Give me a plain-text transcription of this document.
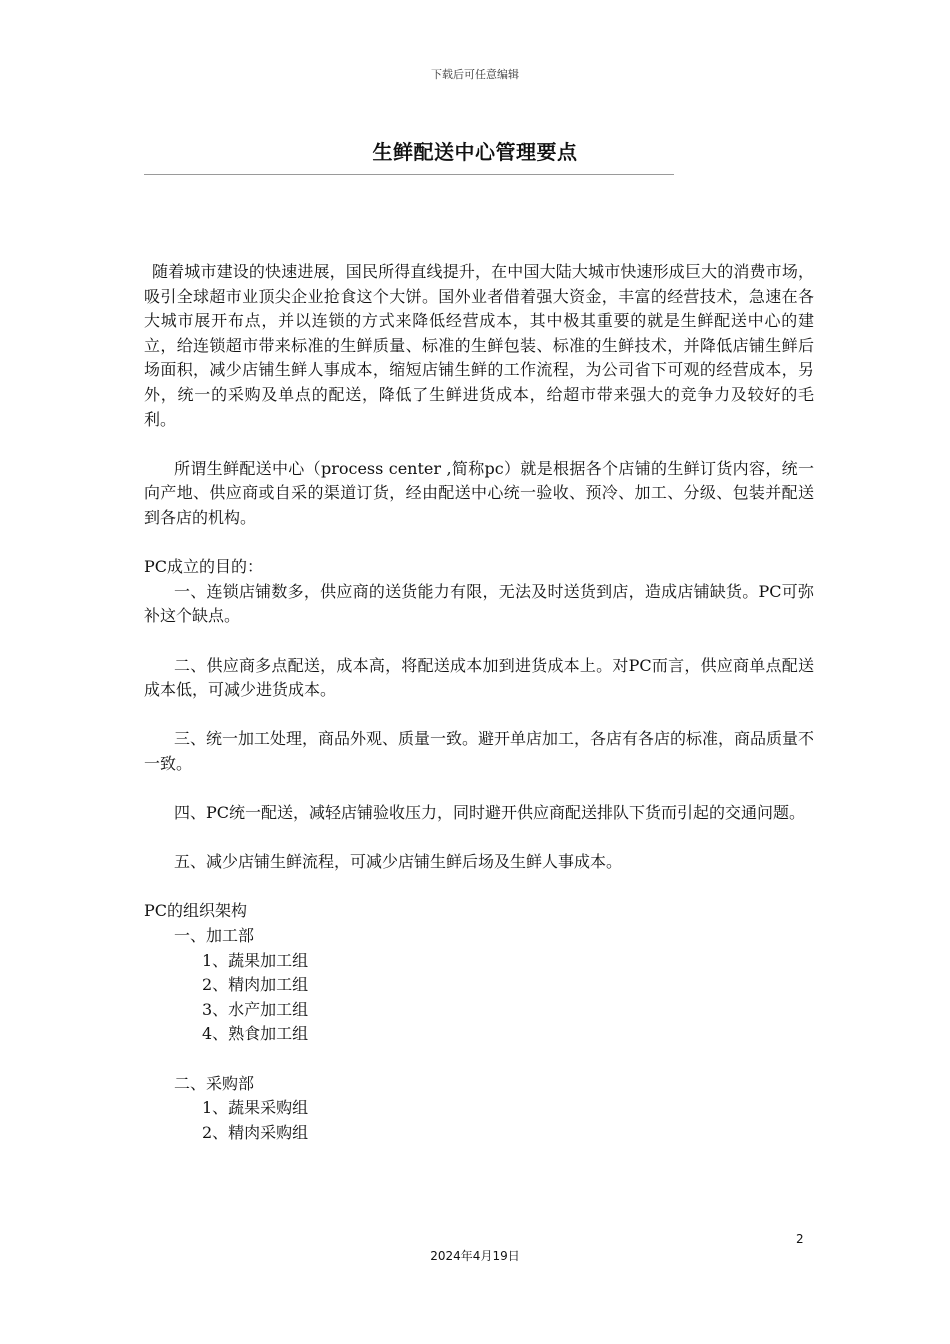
下载后可任意编辑
生鲜配送中心管理要点

随着城市建设的快速进展，国民所得直线提升，在中国大陆大城市快速形成巨大的消费市场，吸引全球超市业顶尖企业抢食这个大饼。国外业者借着强大资金，丰富的经营技术，急速在各大城市展开布点，并以连锁的方式来降低经营成本，其中极其重要的就是生鲜配送中心的建立，给连锁超市带来标准的生鲜质量、标准的生鲜包装、标准的生鲜技术，并降低店铺生鲜后场面积，减少店铺生鲜人事成本，缩短店铺生鲜的工作流程，为公司省下可观的经营成本，另外，统一的采购及单点的配送，降低了生鲜进货成本，给超市带来强大的竞争力及较好的毛利。

所谓生鲜配送中心（process center ,简称pc）就是根据各个店铺的生鲜订货内容，统一向产地、供应商或自采的渠道订货，经由配送中心统一验收、预冷、加工、分级、包装并配送到各店的机构。

PC成立的目的：

一、连锁店铺数多，供应商的送货能力有限，无法及时送货到店，造成店铺缺货。PC可弥补这个缺点。

二、供应商多点配送，成本高，将配送成本加到进货成本上。对PC而言，供应商单点配送成本低，可减少进货成本。

三、统一加工处理，商品外观、质量一致。避开单店加工，各店有各店的标准，商品质量不一致。

四、PC统一配送，减轻店铺验收压力，同时避开供应商配送排队下货而引起的交通问题。

五、减少店铺生鲜流程，可减少店铺生鲜后场及生鲜人事成本。

PC的组织架构

一、加工部

1、蔬果加工组

2、精肉加工组

3、水产加工组

4、熟食加工组

二、采购部

1、蔬果采购组

2、精肉采购组

2
2024年4月19日
